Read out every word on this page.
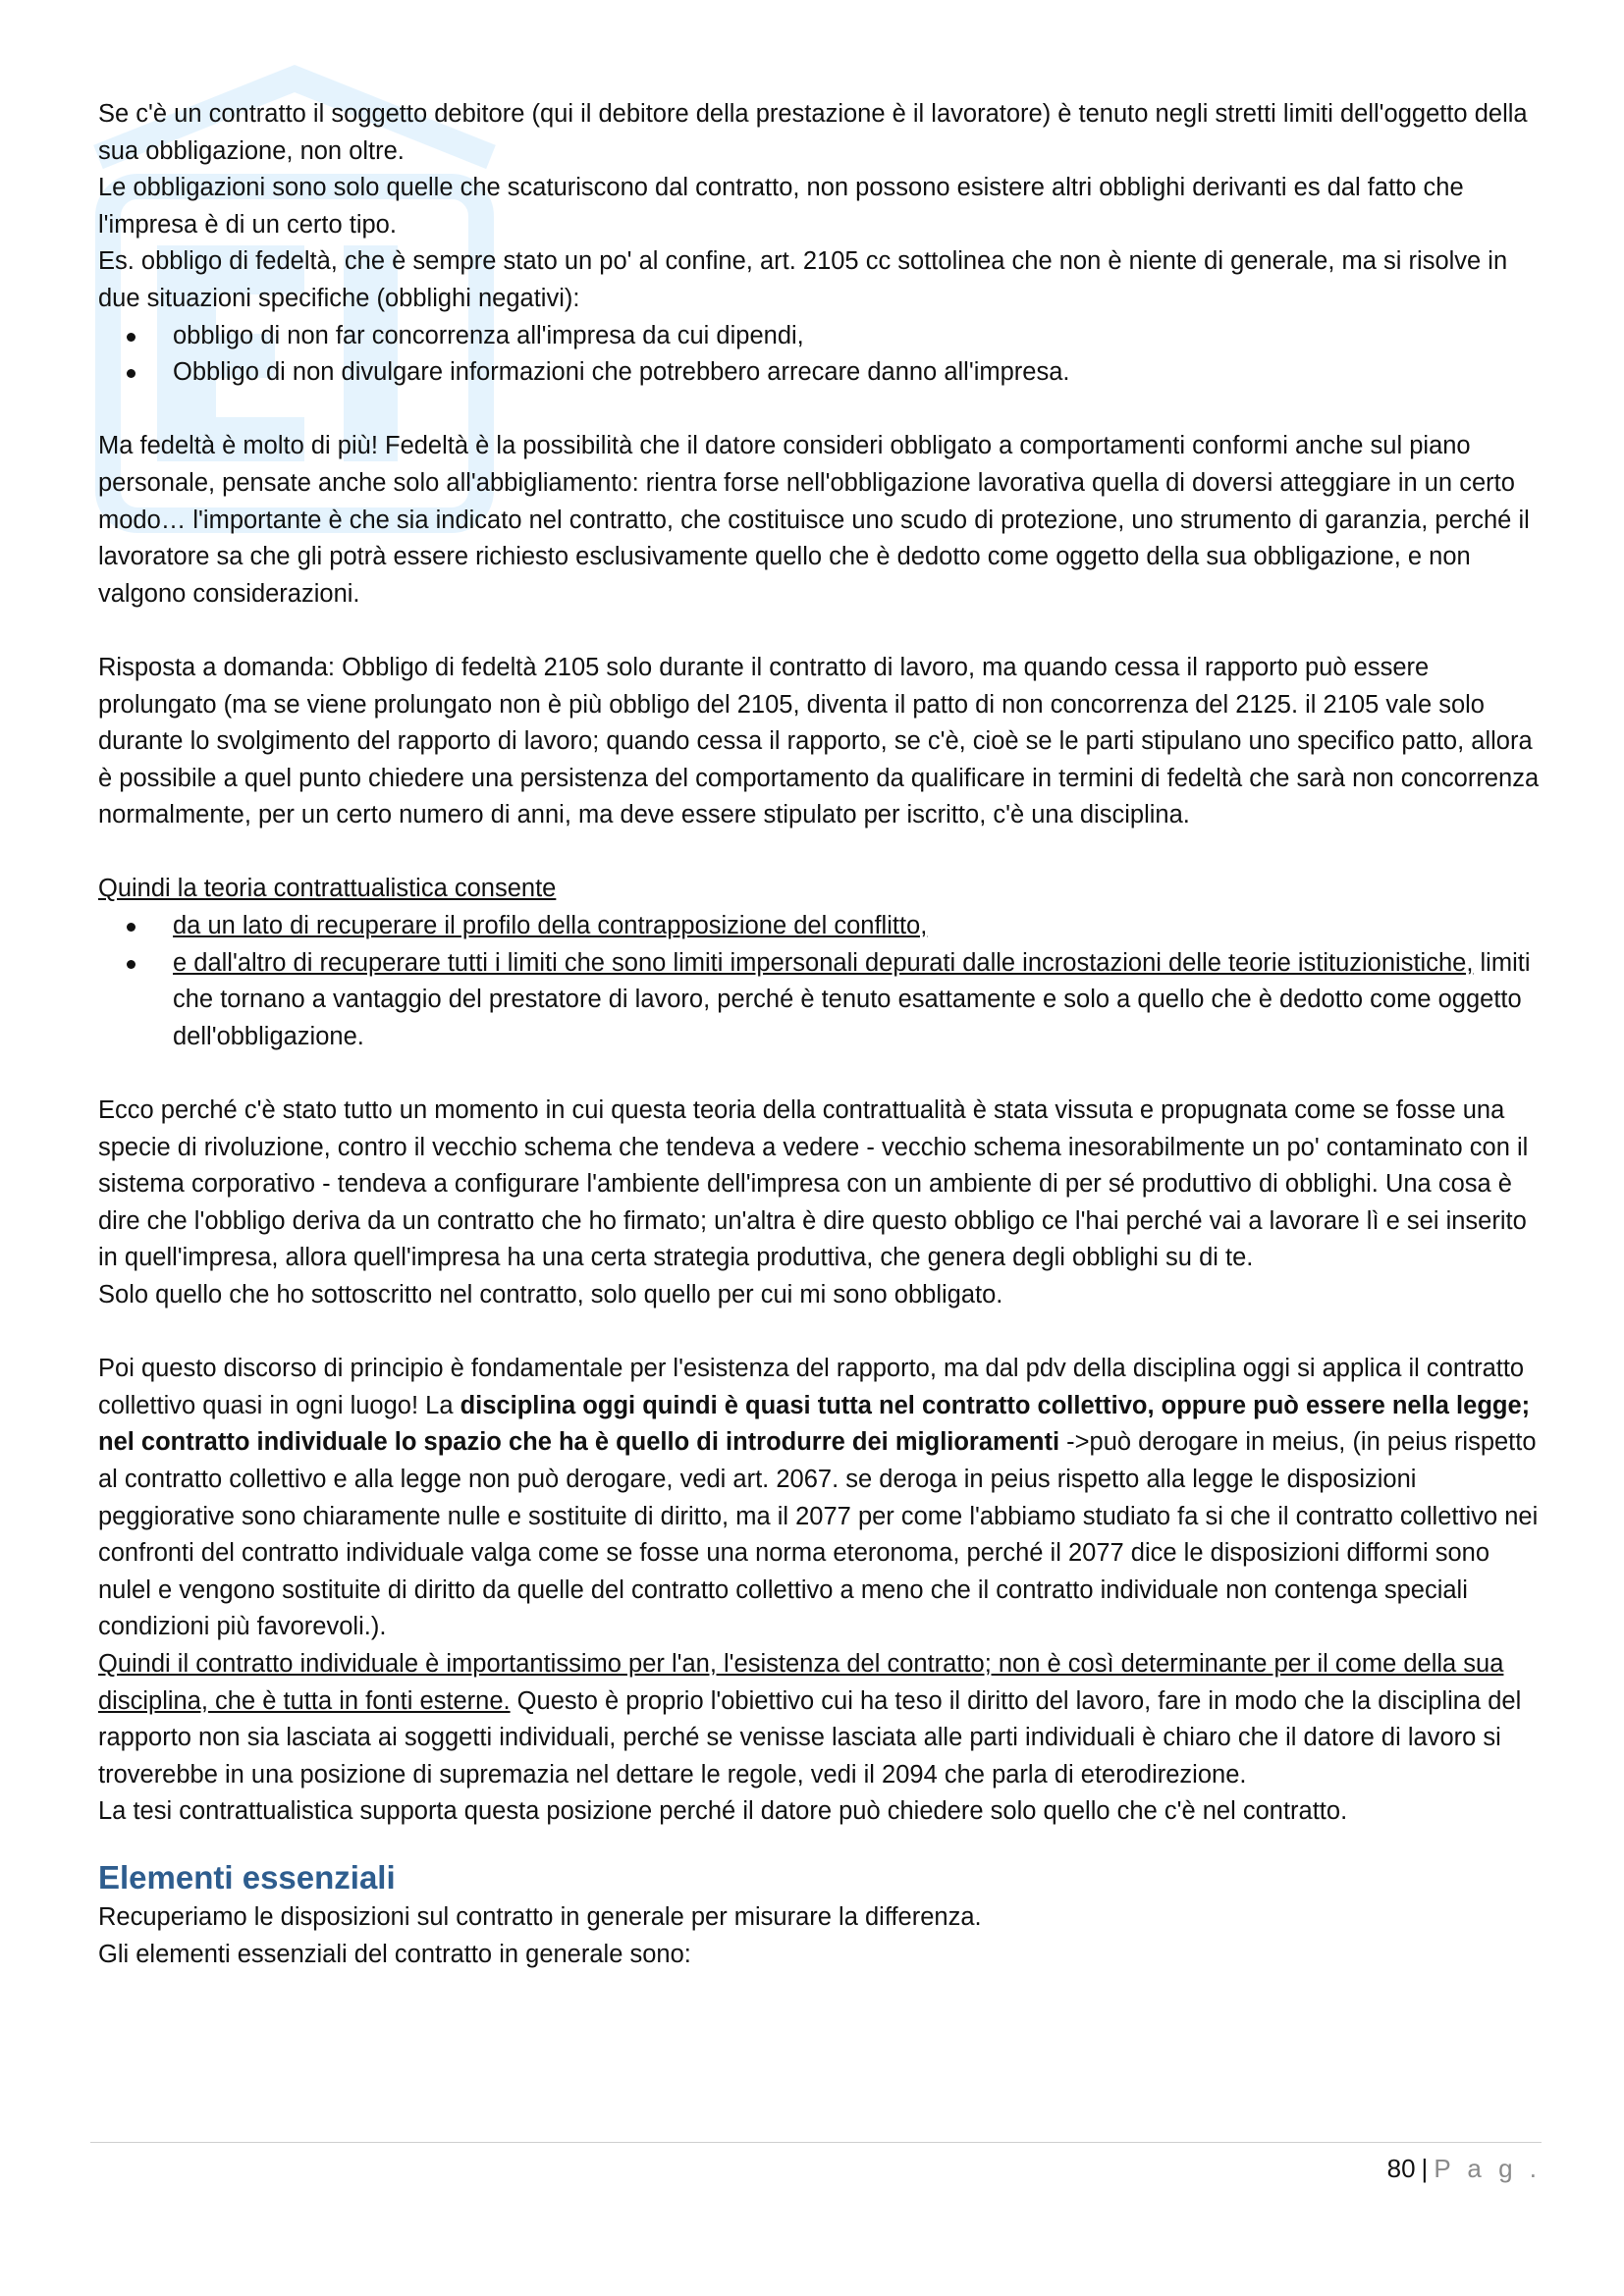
Se c'è un contratto il soggetto debitore (qui il debitore della prestazione è il lavoratore) è tenuto negli stretti limiti dell'oggetto della sua obbligazione, non oltre.

Le obbligazioni sono solo quelle che scaturiscono dal contratto, non possono esistere altri obblighi derivanti es dal fatto che l'impresa è di un certo tipo.

Es. obbligo di fedeltà, che è sempre stato un po' al confine, art. 2105 cc sottolinea che non è niente di generale, ma si risolve in due situazioni specifiche (obblighi negativi):

obbligo di non far concorrenza all'impresa da cui dipendi,
Obbligo di non divulgare informazioni che potrebbero arrecare danno all'impresa.

Ma fedeltà è molto di più! Fedeltà è la possibilità che il datore consideri obbligato a comportamenti conformi anche sul piano personale, pensate anche solo all'abbigliamento: rientra forse nell'obbligazione lavorativa quella di doversi atteggiare in un certo modo… l'importante è che sia indicato nel contratto, che costituisce uno scudo di protezione, uno strumento di garanzia, perché il lavoratore sa che gli potrà essere richiesto esclusivamente quello che è dedotto come oggetto della sua obbligazione, e non valgono considerazioni.

Risposta a domanda: Obbligo di fedeltà 2105 solo durante il contratto di lavoro, ma quando cessa il rapporto può essere prolungato (ma se viene prolungato non è più obbligo del 2105, diventa il patto di non concorrenza del 2125. il 2105 vale solo durante lo svolgimento del rapporto di lavoro; quando cessa il rapporto, se c'è, cioè se le parti stipulano uno specifico patto, allora è possibile a quel punto chiedere una persistenza del comportamento da qualificare in termini di fedeltà che sarà non concorrenza normalmente, per un certo numero di anni, ma deve essere stipulato per iscritto, c'è una disciplina.

Quindi la teoria contrattualistica consente

da un lato di recuperare il profilo della contrapposizione del conflitto,
e dall'altro di recuperare tutti i limiti che sono limiti impersonali depurati dalle incrostazioni delle teorie istituzionistiche, limiti che tornano a vantaggio del prestatore di lavoro, perché è tenuto esattamente e solo a quello che è dedotto come oggetto dell'obbligazione.

Ecco perché c'è stato tutto un momento in cui questa teoria della contrattualità è stata vissuta e propugnata come se fosse una specie di rivoluzione, contro il vecchio schema che tendeva a vedere - vecchio schema inesorabilmente un po' contaminato con il sistema corporativo - tendeva a configurare l'ambiente dell'impresa con un ambiente di per sé produttivo di obblighi. Una cosa è dire che l'obbligo deriva da un contratto che ho firmato; un'altra è dire questo obbligo ce l'hai perché vai a lavorare lì e sei inserito in quell'impresa, allora quell'impresa ha una certa strategia produttiva, che genera degli obblighi su di te.

Solo quello che ho sottoscritto nel contratto, solo quello per cui mi sono obbligato.

Poi questo discorso di principio è fondamentale per l'esistenza del rapporto, ma dal pdv della disciplina oggi si applica il contratto collettivo quasi in ogni luogo! La disciplina oggi quindi è quasi tutta nel contratto collettivo, oppure può essere nella legge; nel contratto individuale lo spazio che ha è quello di introdurre dei miglioramenti ->può derogare in meius, (in peius rispetto al contratto collettivo e alla legge non può derogare, vedi art. 2067. se deroga in peius rispetto alla legge le disposizioni peggiorative sono chiaramente nulle e sostituite di diritto, ma il 2077 per come l'abbiamo studiato fa si che il contratto collettivo nei confronti del contratto individuale valga come se fosse una norma eteronoma, perché il 2077 dice le disposizioni difformi sono nulel e vengono sostituite di diritto da quelle del contratto collettivo a meno che il contratto individuale non contenga speciali condizioni più favorevoli.).

Quindi il contratto individuale è importantissimo per l'an, l'esistenza del contratto; non è così determinante per il come della sua disciplina, che è tutta in fonti esterne. Questo è proprio l'obiettivo cui ha teso il diritto del lavoro, fare in modo che la disciplina del rapporto non sia lasciata ai soggetti individuali, perché se venisse lasciata alle parti individuali è chiaro che il datore di lavoro si troverebbe in una posizione di supremazia nel dettare le regole, vedi il 2094 che parla di eterodirezione.

La tesi contrattualistica supporta questa posizione perché il datore può chiedere solo quello che c'è nel contratto.

Elementi essenziali

Recuperiamo le disposizioni sul contratto in generale per misurare la differenza.

Gli elementi essenziali del contratto in generale sono:

80 | P a g .
